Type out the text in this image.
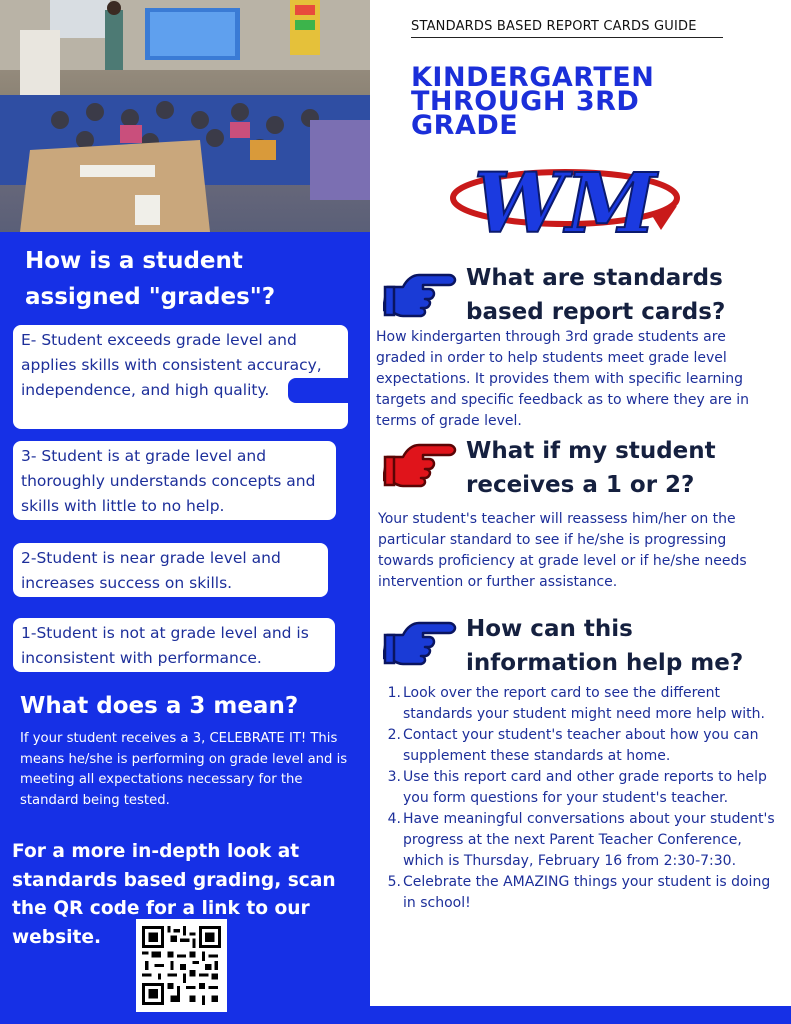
How is a student assigned "grades"?
E- Student exceeds grade level and applies skills with consistent accuracy, independence, and high quality.
3- Student is at grade level and thoroughly understands concepts and skills with little to no help.
2-Student is near grade level and increases success on skills.
1-Student is not at grade level and is inconsistent with performance.
What does a 3 mean?
If your student receives a 3, CELEBRATE IT! This means he/she is performing on grade level and is meeting all expectations necessary for the standard being tested.
For a more in-depth look at standards based grading, scan the QR code for a link to our website.
STANDARDS BASED REPORT CARDS GUIDE
KINDERGARTEN THROUGH 3RD GRADE
WM
What are standards based report cards?
How kindergarten through 3rd grade students are graded in order to help students meet grade level expectations. It provides them with specific learning targets and specific feedback as to where they are in terms of grade level.
What if my student receives a 1 or 2?
Your student's teacher will reassess him/her on the particular standard to see if he/she is progressing towards proficiency at grade level or if he/she needs intervention or further assistance.
How can this information help me?
1. Look over the report card to see the different standards your student might need more help with.
2. Contact your student's teacher about how you can supplement these standards at home.
3. Use this report card and other grade reports to help you form questions for your student's teacher.
4. Have meaningful conversations about your student's progress at the next Parent Teacher Conference, which is Thursday, February 16 from 2:30-7:30.
5. Celebrate the AMAZING things your student is doing in school!
